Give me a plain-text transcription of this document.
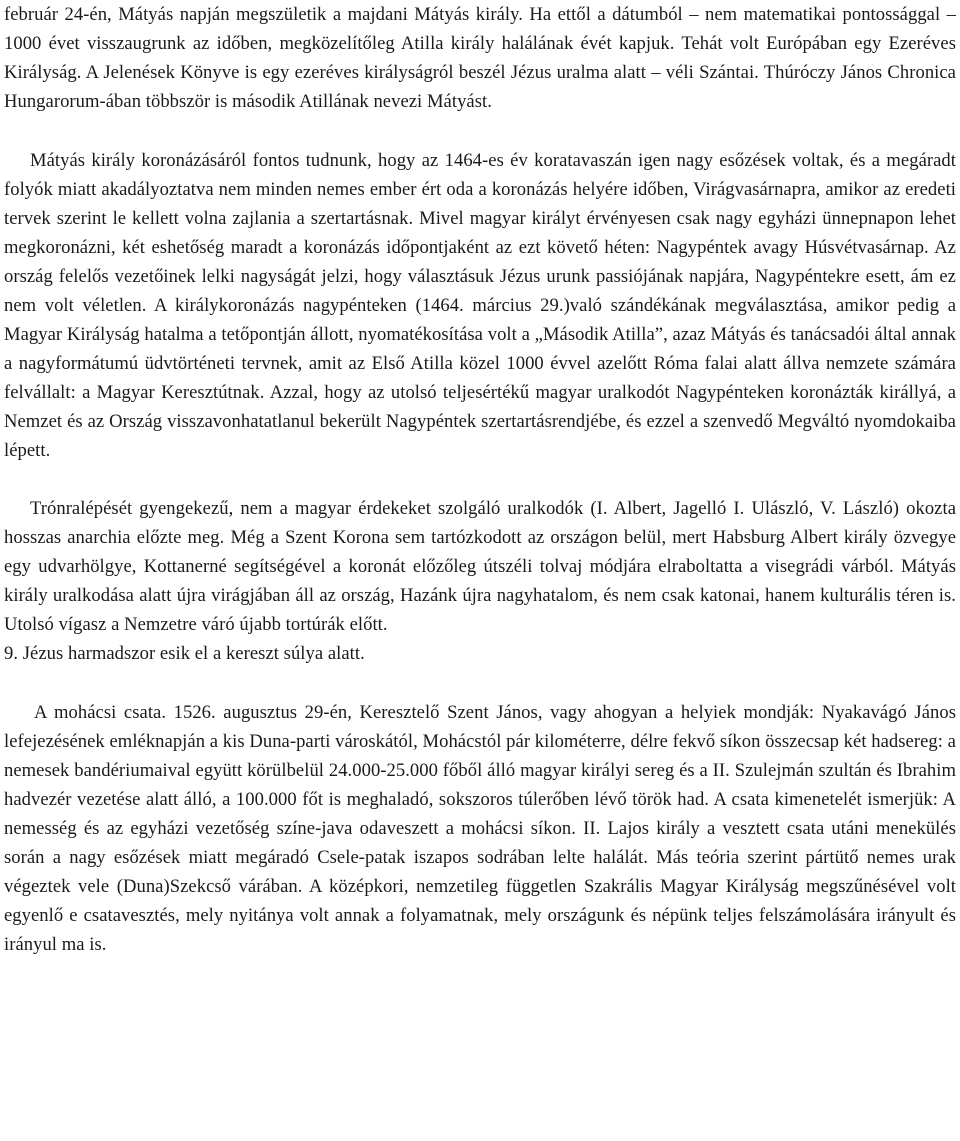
február 24-én, Mátyás napján megszületik a majdani Mátyás király. Ha ettől a dátumból – nem matematikai pontossággal – 1000 évet visszaugrunk az időben, megközelítőleg Atilla király halálának évét kapjuk. Tehát volt Európában egy Ezeréves Királyság. A Jelenések Könyve is egy ezeréves királyságról beszél Jézus uralma alatt – véli Szántai. Thúróczy János Chronica Hungarorum-ában többször is második Atillának nevezi Mátyást.

Mátyás király koronázásáról fontos tudnunk, hogy az 1464-es év koratavaszán igen nagy esőzések voltak, és a megáradt folyók miatt akadályoztatva nem minden nemes ember ért oda a koronázás helyére időben, Virágvasárnapra, amikor az eredeti tervek szerint le kellett volna zajlania a szertartásnak. Mivel magyar királyt érvényesen csak nagy egyházi ünnepnapon lehet megkoronázni, két eshetőség maradt a koronázás időpontjaként az ezt követő héten: Nagypéntek avagy Húsvétvasárnap. Az ország felelős vezetőinek lelki nagyságát jelzi, hogy választásuk Jézus urunk passiójának napjára, Nagypéntekre esett, ám ez nem volt véletlen. A királykoronázás nagypénteken (1464. március 29.)való szándékának megválasztása, amikor pedig a Magyar Királyság hatalma a tetőpontján állott, nyomatékosítása volt a „Második Atilla”, azaz Mátyás és tanácsadói által annak a nagyformátumú üdvtörténeti tervnek, amit az Első Atilla közel 1000 évvel azelőtt Róma falai alatt állva nemzete számára felvállalt: a Magyar Keresztútnak. Azzal, hogy az utolsó teljesértékű magyar uralkodót Nagypénteken koronázták királlyá, a Nemzet és az Ország visszavonhatatlanul bekerült Nagypéntek szertartásrendjébe, és ezzel a szenvedő Megváltó nyomdokaiba lépett.

Trónralépését gyengekezű, nem a magyar érdekeket szolgáló uralkodók (I. Albert, Jagelló I. Ulászló, V. László) okozta hosszas anarchia előzte meg. Még a Szent Korona sem tartózkodott az országon belül, mert Habsburg Albert király özvegye egy udvarhölgye, Kottanerné segítségével a koronát előzőleg útszéli tolvaj módjára elraboltatta a visegrádi várból. Mátyás király uralkodása alatt újra virágjában áll az ország, Hazánk újra nagyhatalom, és nem csak katonai, hanem kulturális téren is. Utolsó vígasz a Nemzetre váró újabb tortúrák előtt.

9. Jézus harmadszor esik el a kereszt súlya alatt.

A mohácsi csata. 1526. augusztus 29-én, Keresztelő Szent János, vagy ahogyan a helyiek mondják: Nyakavágó János lefejezésének emléknapján a kis Duna-parti városkától, Mohácstól pár kilométerre, délre fekvő síkon összecsap két hadsereg: a nemesek bandériumaival együtt körülbelül 24.000-25.000 főből álló magyar királyi sereg és a II. Szulejmán szultán és Ibrahim hadvezér vezetése alatt álló, a 100.000 főt is meghaladó, sokszoros túlerőben lévő török had. A csata kimenetelét ismerjük: A nemesség és az egyházi vezetőség színe-java odaveszett a mohácsi síkon. II. Lajos király a vesztett csata utáni menekülés során a nagy esőzések miatt megáradó Csele-patak iszapos sodrában lelte halálát. Más teória szerint pártütő nemes urak végeztek vele (Duna)Szekcső várában. A középkori, nemzetileg független Szakrális Magyar Királyság megszűnésével volt egyenlő e csatavesztés, mely nyitánya volt annak a folyamatnak, mely országunk és népünk teljes felszámolására irányult és irányul ma is.
